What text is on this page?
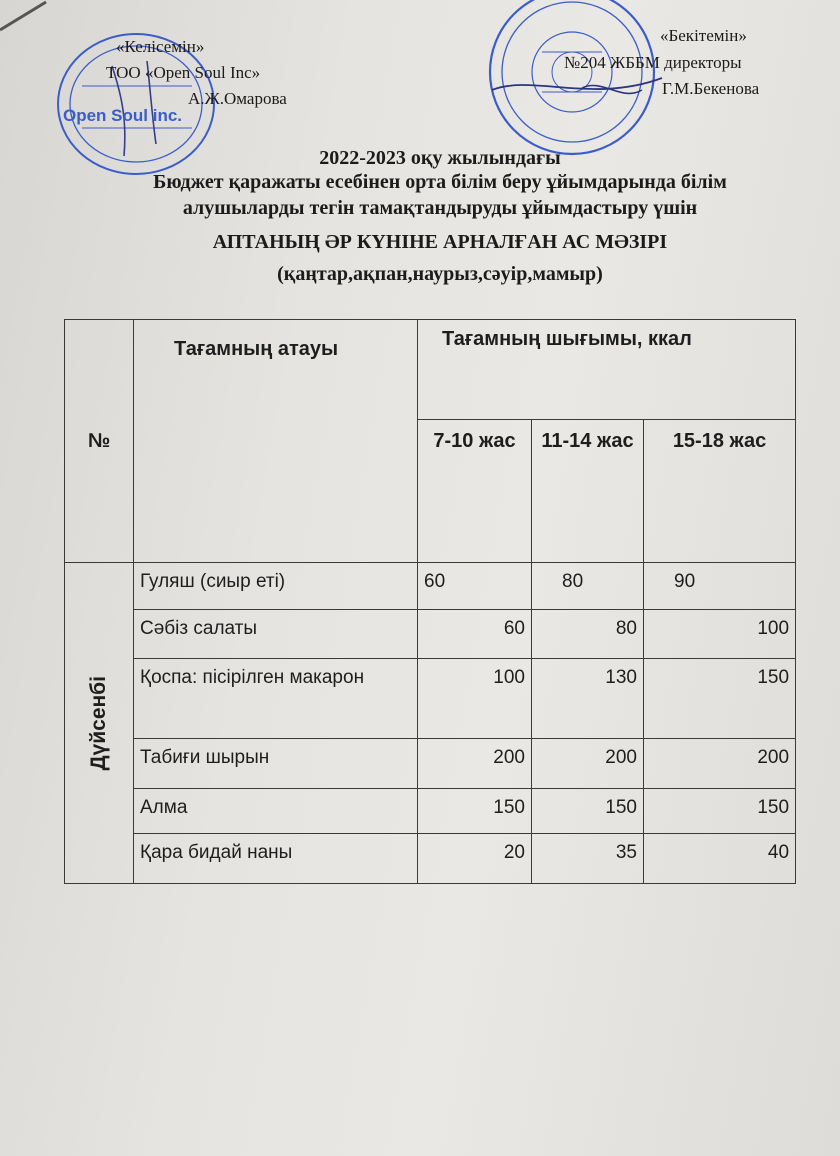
Open Soul inc.
«Келісемін»
ТОО «Open Soul Inc»
А.Ж.Омарова
«Бекітемін»
№204 ЖББМ директоры
Г.М.Бекенова
2022-2023 оқу жылындағы
Бюджет қаражаты есебінен орта білім беру ұйымдарында білім
алушыларды тегін тамақтандыруды ұйымдастыру үшін
АПТАНЫҢ ӘР КҮНІНЕ АРНАЛҒАН АС МӘЗІРІ
(қаңтар,ақпан,наурыз,сәуір,мамыр)
№	Тағамның атауы	Тағамның шығымы, ккал		
		7-10 жас	11-14 жас	15-18 жас

Дүйсенбі	Гуляш (сиыр еті)	60	80	90
	Сәбіз салаты	60	80	100
	Қоспа: пісірілген макарон	100	130	150
	Табиғи шырын	200	200	200
	Алма	150	150	150
	Қара бидай наны	20	35	40
